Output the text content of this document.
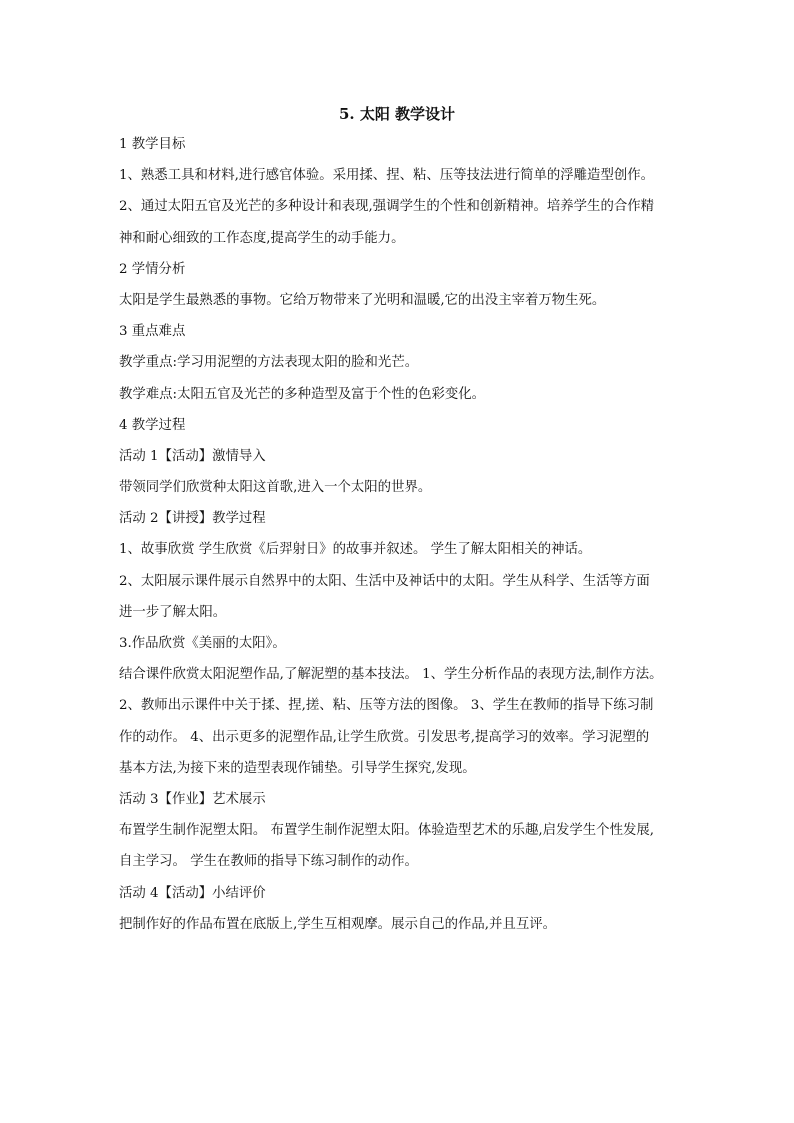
5. 太阳 教学设计
1 教学目标
1、熟悉工具和材料,进行感官体验。采用揉、捏、粘、压等技法进行简单的浮雕造型创作。
2、通过太阳五官及光芒的多种设计和表现,强调学生的个性和创新精神。培养学生的合作精
神和耐心细致的工作态度,提高学生的动手能力。
2 学情分析
太阳是学生最熟悉的事物。它给万物带来了光明和温暖,它的出没主宰着万物生死。
3 重点难点
教学重点:学习用泥塑的方法表现太阳的脸和光芒。
教学难点:太阳五官及光芒的多种造型及富于个性的色彩变化。
4 教学过程
活动 1【活动】激情导入
带领同学们欣赏种太阳这首歌,进入一个太阳的世界。
活动 2【讲授】教学过程
1、故事欣赏 学生欣赏《后羿射日》的故事并叙述。 学生了解太阳相关的神话。
2、太阳展示课件展示自然界中的太阳、生活中及神话中的太阳。学生从科学、生活等方面
进一步了解太阳。
3.作品欣赏《美丽的太阳》。
结合课件欣赏太阳泥塑作品,了解泥塑的基本技法。 1、学生分析作品的表现方法,制作方法。
2、教师出示课件中关于揉、捏,搓、粘、压等方法的图像。 3、学生在教师的指导下练习制
作的动作。 4、出示更多的泥塑作品,让学生欣赏。引发思考,提高学习的效率。学习泥塑的
基本方法,为接下来的造型表现作铺垫。引导学生探究,发现。
活动 3【作业】艺术展示
布置学生制作泥塑太阳。 布置学生制作泥塑太阳。体验造型艺术的乐趣,启发学生个性发展,
自主学习。 学生在教师的指导下练习制作的动作。
活动 4【活动】小结评价
把制作好的作品布置在底版上,学生互相观摩。展示自己的作品,并且互评。
